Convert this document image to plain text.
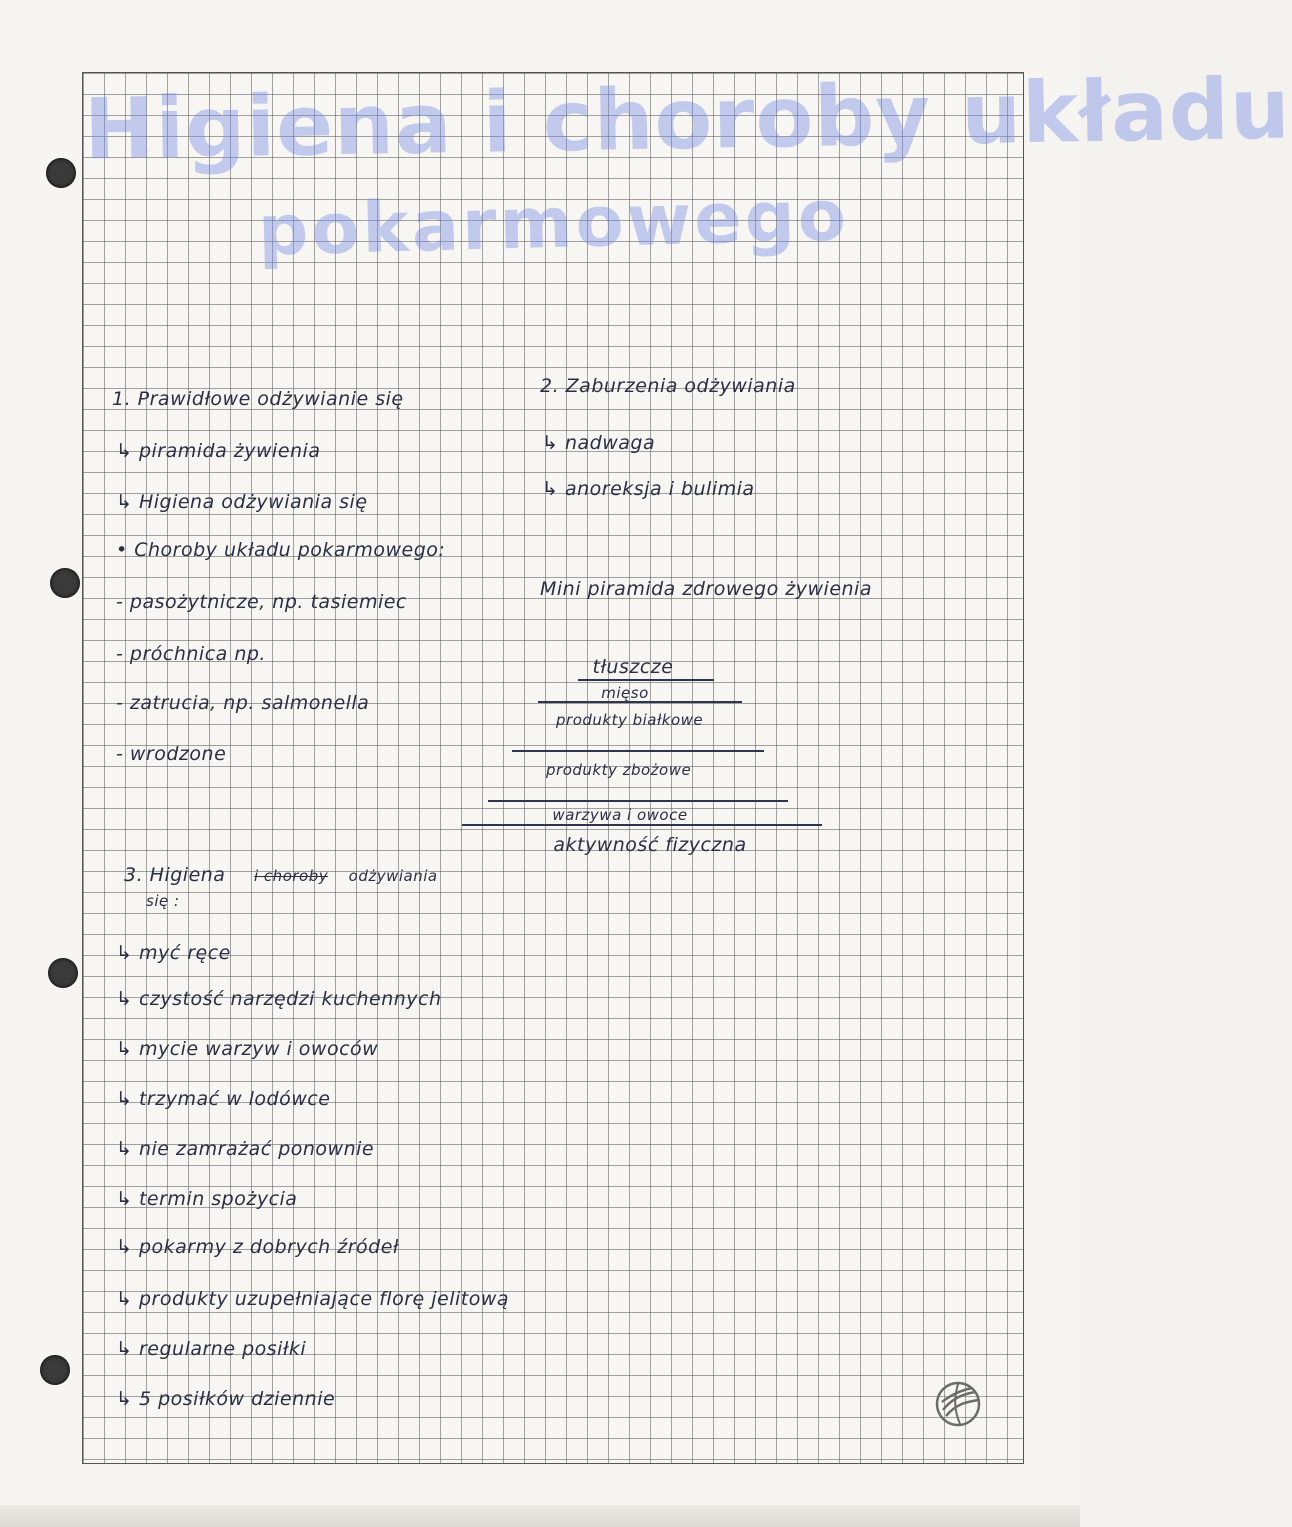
Higiena i choroby układu
pokarmowego
1. Prawidłowe odżywianie się
↳ piramida żywienia
↳ Higiena odżywiania się
• Choroby układu pokarmowego:
- pasożytnicze, np. tasiemiec
- próchnica np.
- zatrucia, np. salmonella
- wrodzone
2. Zaburzenia odżywiania
↳ nadwaga
↳ anoreksja i bulimia
Mini piramida zdrowego żywienia
tłuszcze
mięso
produkty białkowe
produkty zbożowe
warzywa i owoce
aktywność fizyczna
3. Higiena i choroby odżywiania
się :
↳ myć ręce
↳ czystość narzędzi kuchennych
↳ mycie warzyw i owoców
↳ trzymać w lodówce
↳ nie zamrażać ponownie
↳ termin spożycia
↳ pokarmy z dobrych źródeł
↳ produkty uzupełniające florę jelitową
↳ regularne posiłki
↳ 5 posiłków dziennie
